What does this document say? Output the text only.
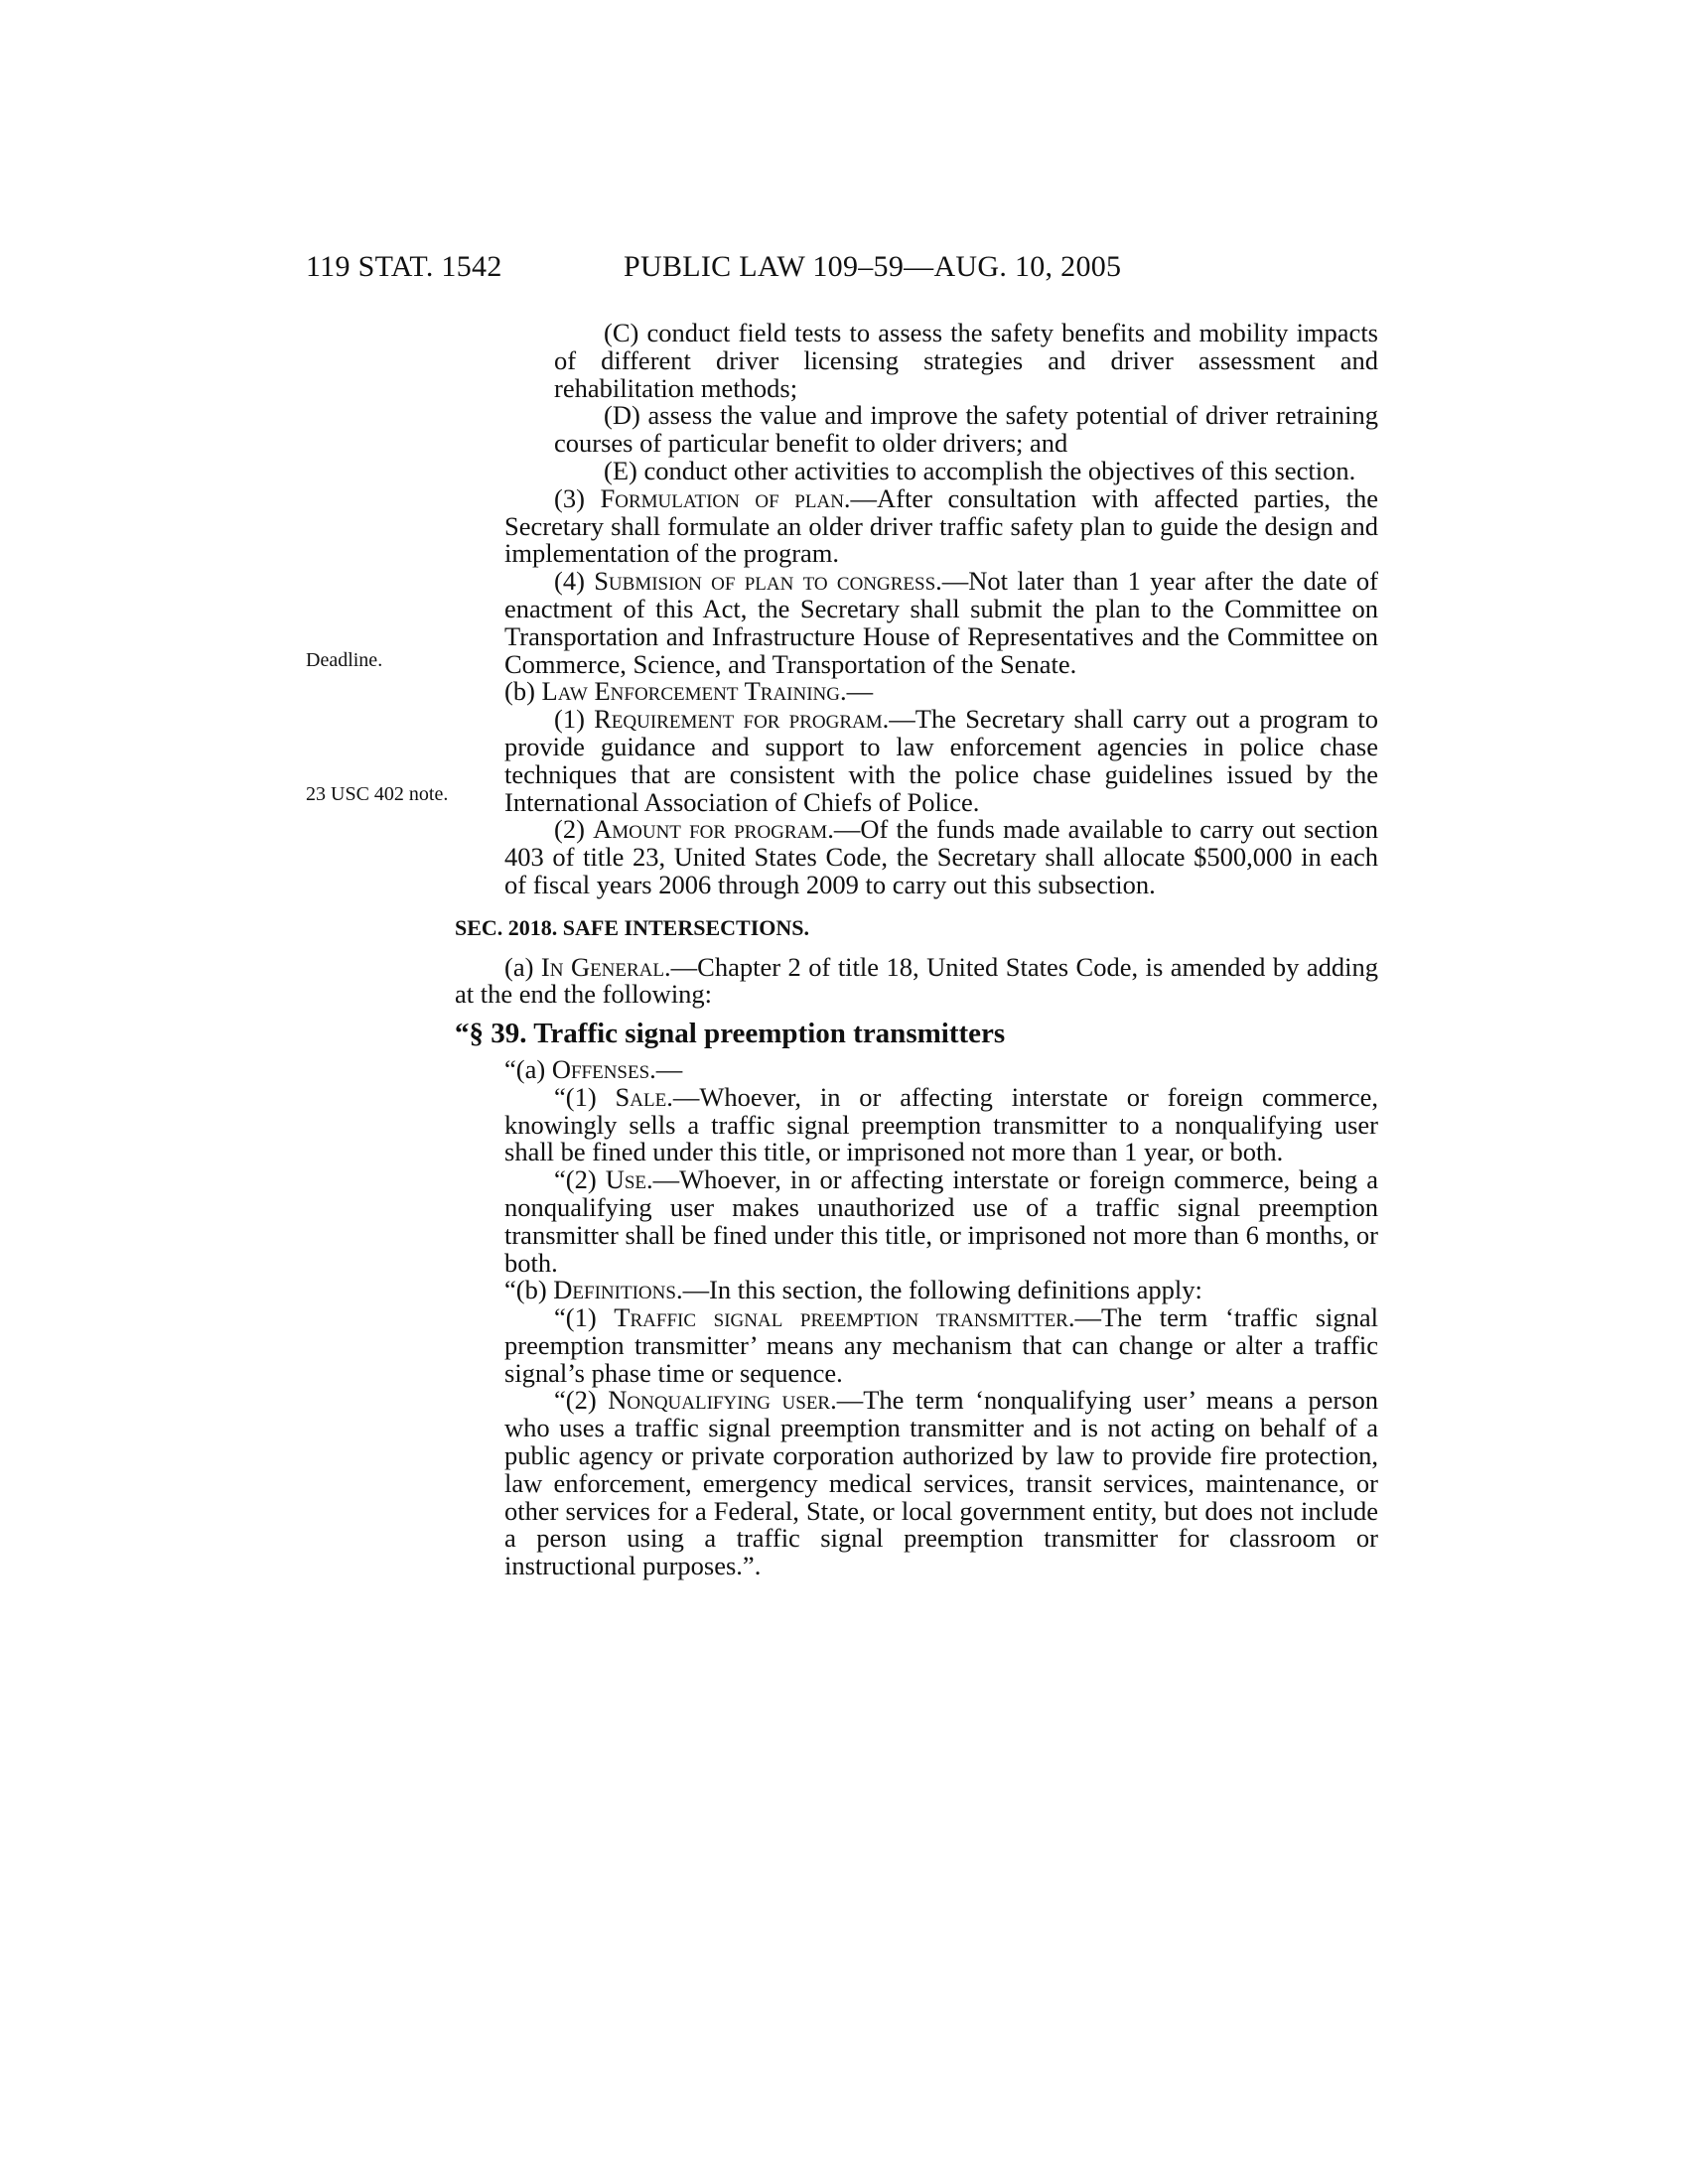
119 STAT. 1542	PUBLIC LAW 109–59—AUG. 10, 2005
Deadline.
23 USC 402 note.

(C) conduct field tests to assess the safety benefits and mobility impacts of different driver licensing strategies and driver assessment and rehabilitation methods;

(D) assess the value and improve the safety potential of driver retraining courses of particular benefit to older drivers; and

(E) conduct other activities to accomplish the objectives of this section.

(3) Formulation of plan.—After consultation with affected parties, the Secretary shall formulate an older driver traffic safety plan to guide the design and implementation of the program.

(4) Submision of plan to congress.—Not later than 1 year after the date of enactment of this Act, the Secretary shall submit the plan to the Committee on Transportation and Infrastructure House of Representatives and the Committee on Commerce, Science, and Transportation of the Senate.

(b) Law Enforcement Training.—

(1) Requirement for program.—The Secretary shall carry out a program to provide guidance and support to law enforcement agencies in police chase techniques that are consistent with the police chase guidelines issued by the International Association of Chiefs of Police.

(2) Amount for program.—Of the funds made available to carry out section 403 of title 23, United States Code, the Secretary shall allocate $500,000 in each of fiscal years 2006 through 2009 to carry out this subsection.

SEC. 2018. SAFE INTERSECTIONS.

(a) In General.—Chapter 2 of title 18, United States Code, is amended by adding at the end the following:

“§ 39. Traffic signal preemption transmitters

“(a) Offenses.—

“(1) Sale.—Whoever, in or affecting interstate or foreign commerce, knowingly sells a traffic signal preemption transmitter to a nonqualifying user shall be fined under this title, or imprisoned not more than 1 year, or both.

“(2) Use.—Whoever, in or affecting interstate or foreign commerce, being a nonqualifying user makes unauthorized use of a traffic signal preemption transmitter shall be fined under this title, or imprisoned not more than 6 months, or both.

“(b) Definitions.—In this section, the following definitions apply:

“(1) Traffic signal preemption transmitter.—The term ‘traffic signal preemption transmitter’ means any mechanism that can change or alter a traffic signal’s phase time or sequence.

“(2) Nonqualifying user.—The term ‘nonqualifying user’ means a person who uses a traffic signal preemption transmitter and is not acting on behalf of a public agency or private corporation authorized by law to provide fire protection, law enforcement, emergency medical services, transit services, maintenance, or other services for a Federal, State, or local government entity, but does not include a person using a traffic signal preemption transmitter for classroom or instructional purposes.”.
